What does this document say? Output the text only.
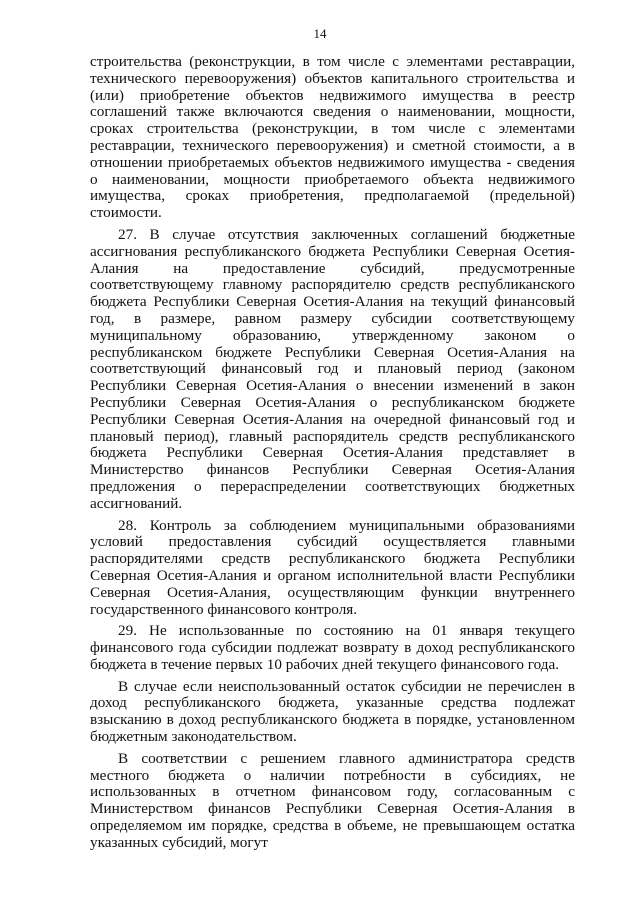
14

строительства (реконструкции, в том числе с элементами реставрации, технического перевооружения) объектов капитального строительства и (или) приобретение объектов недвижимого имущества в реестр соглашений также включаются сведения о наименовании, мощности, сроках строительства (реконструкции, в том числе с элементами реставрации, технического перевооружения) и сметной стоимости, а в отношении приобретаемых объектов недвижимого имущества - сведения о наименовании, мощности приобретаемого объекта недвижимого имущества, сроках приобретения, предполагаемой (предельной) стоимости.

27. В случае отсутствия заключенных соглашений бюджетные ассигнования республиканского бюджета Республики Северная Осетия-Алания на предоставление субсидий, предусмотренные соответствующему главному распорядителю средств республиканского бюджета Республики Северная Осетия-Алания на текущий финансовый год, в размере, равном размеру субсидии соответствующему муниципальному образованию, утвержденному законом о республиканском бюджете Республики Северная Осетия-Алания на соответствующий финансовый год и плановый период (законом Республики Северная Осетия-Алания о внесении изменений в закон Республики Северная Осетия-Алания о республиканском бюджете Республики Северная Осетия-Алания на очередной финансовый год и плановый период), главный распорядитель средств республиканского бюджета Республики Северная Осетия-Алания представляет в Министерство финансов Республики Северная Осетия-Алания предложения о перераспределении соответствующих бюджетных ассигнований.

28. Контроль за соблюдением муниципальными образованиями условий предоставления субсидий осуществляется главными распорядителями средств республиканского бюджета Республики Северная Осетия-Алания и органом исполнительной власти Республики Северная Осетия-Алания, осуществляющим функции внутреннего государственного финансового контроля.

29. Не использованные по состоянию на 01 января текущего финансового года субсидии подлежат возврату в доход республиканского бюджета в течение первых 10 рабочих дней текущего финансового года.

В случае если неиспользованный остаток субсидии не перечислен в доход республиканского бюджета, указанные средства подлежат взысканию в доход республиканского бюджета в порядке, установленном бюджетным законодательством.

В соответствии с решением главного администратора средств местного бюджета о наличии потребности в субсидиях, не использованных в отчетном финансовом году, согласованным с Министерством финансов Республики Северная Осетия-Алания в определяемом им порядке, средства в объеме, не превышающем остатка указанных субсидий, могут
